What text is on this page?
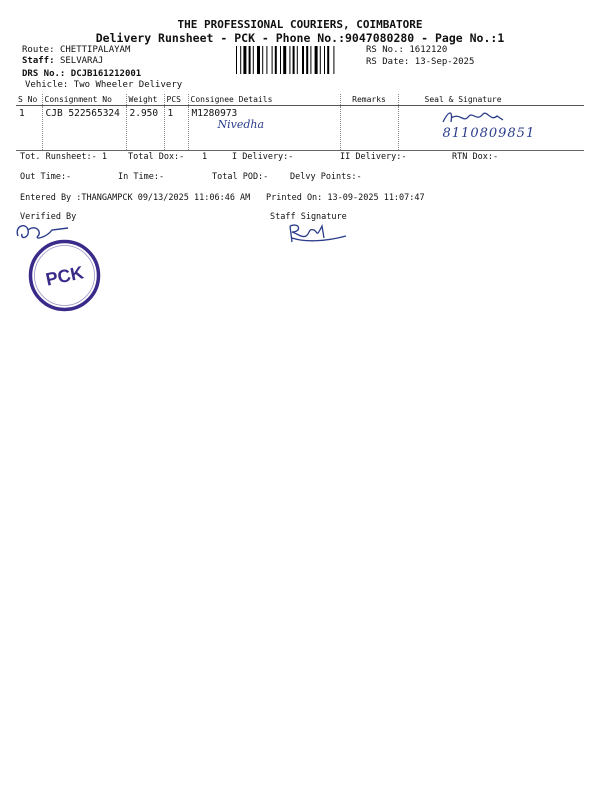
THE PROFESSIONAL COURIERS, COIMBATORE
Delivery Runsheet - PCK - Phone No.:9047080280 - Page No.:1
Route: CHETTIPALAYAM
Staff: SELVARAJ
DRS No.: DCJB161212001
Vehicle: Two Wheeler Delivery
RS No.: 1612120
RS Date: 13-Sep-2025
S No	Consignment No	Weight	PCS	Consignee Details	Remarks	Seal & Signature
1	CJB 522565324	2.950	1	M1280973
Nivedha		8110809851
Tot. Runsheet:- 1 Total Dox:- 1	I Delivery:-	II Delivery:-	RTN Dox:-
Out Time:-	In Time:-	Total POD:-	Delvy Points:-
Entered By :THANGAMPCK 09/13/2025 11:06:46 AM Printed On: 13-09-2025 11:07:47
Verified By	Staff Signature
PCK
